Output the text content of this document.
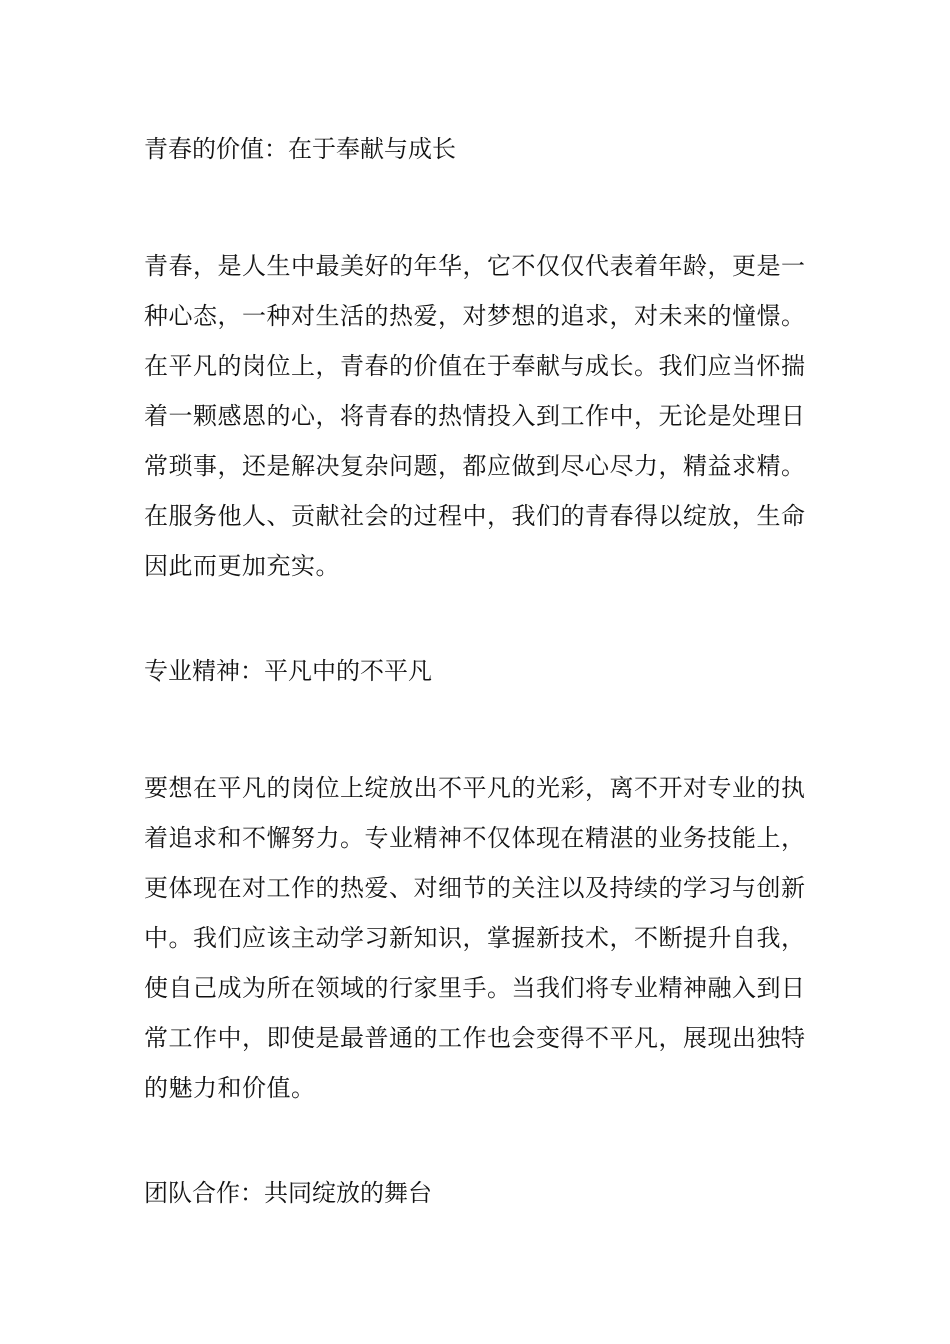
青春的价值：在于奉献与成长

青春，是人生中最美好的年华，它不仅仅代表着年龄，更是一
种心态，一种对生活的热爱，对梦想的追求，对未来的憧憬。
在平凡的岗位上，青春的价值在于奉献与成长。我们应当怀揣
着一颗感恩的心，将青春的热情投入到工作中，无论是处理日
常琐事，还是解决复杂问题，都应做到尽心尽力，精益求精。
在服务他人、贡献社会的过程中，我们的青春得以绽放，生命
因此而更加充实。

专业精神：平凡中的不平凡

要想在平凡的岗位上绽放出不平凡的光彩，离不开对专业的执
着追求和不懈努力。专业精神不仅体现在精湛的业务技能上，
更体现在对工作的热爱、对细节的关注以及持续的学习与创新
中。我们应该主动学习新知识，掌握新技术，不断提升自我，
使自己成为所在领域的行家里手。当我们将专业精神融入到日
常工作中，即使是最普通的工作也会变得不平凡，展现出独特
的魅力和价值。

团队合作：共同绽放的舞台
